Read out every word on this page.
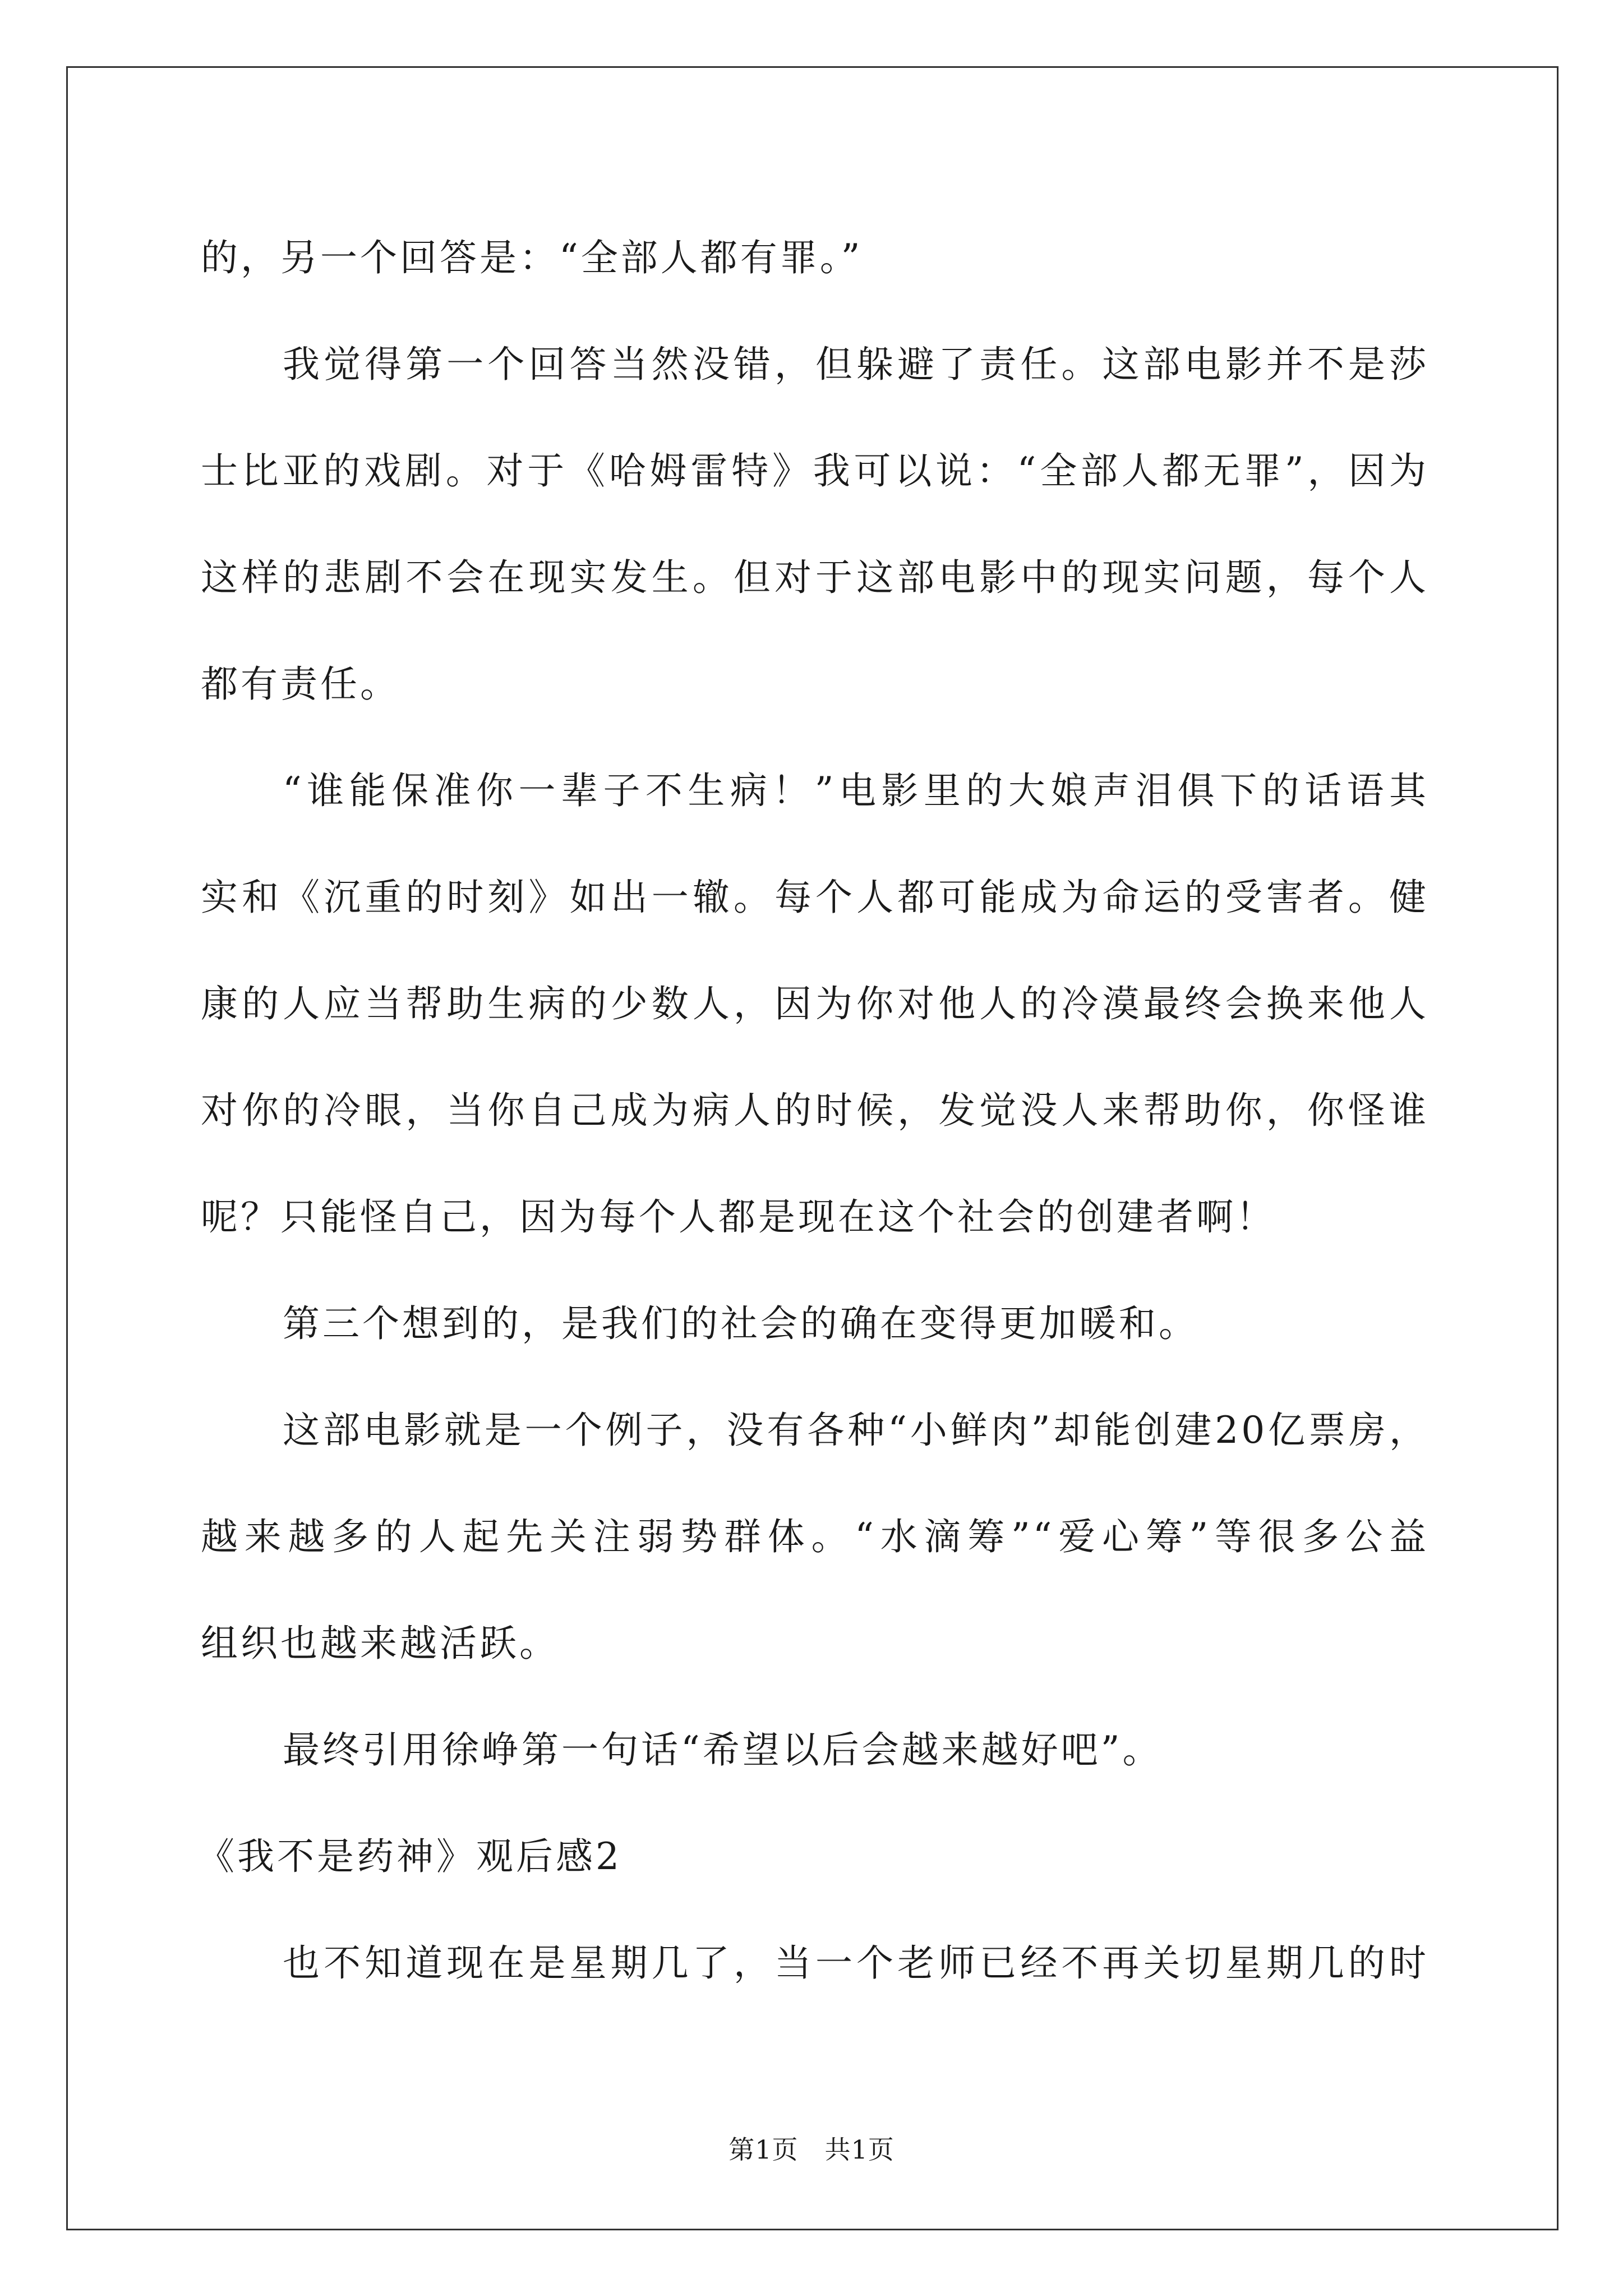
的，另一个回答是：“全部人都有罪。”
我觉得第一个回答当然没错，但躲避了责任。这部电影并不是莎
士比亚的戏剧。对于《哈姆雷特》我可以说：“全部人都无罪”，因为
这样的悲剧不会在现实发生。但对于这部电影中的现实问题，每个人
都有责任。
“谁能保准你一辈子不生病！”电影里的大娘声泪俱下的话语其
实和《沉重的时刻》如出一辙。每个人都可能成为命运的受害者。健
康的人应当帮助生病的少数人，因为你对他人的冷漠最终会换来他人
对你的冷眼，当你自己成为病人的时候，发觉没人来帮助你，你怪谁
呢？只能怪自己，因为每个人都是现在这个社会的创建者啊！
第三个想到的，是我们的社会的确在变得更加暖和。
这部电影就是一个例子，没有各种“小鲜肉”却能创建20亿票房，
越来越多的人起先关注弱势群体。“水滴筹”“爱心筹”等很多公益
组织也越来越活跃。
最终引用徐峥第一句话“希望以后会越来越好吧”。
《我不是药神》观后感2
也不知道现在是星期几了，当一个老师已经不再关切星期几的时
第1页 共1页
